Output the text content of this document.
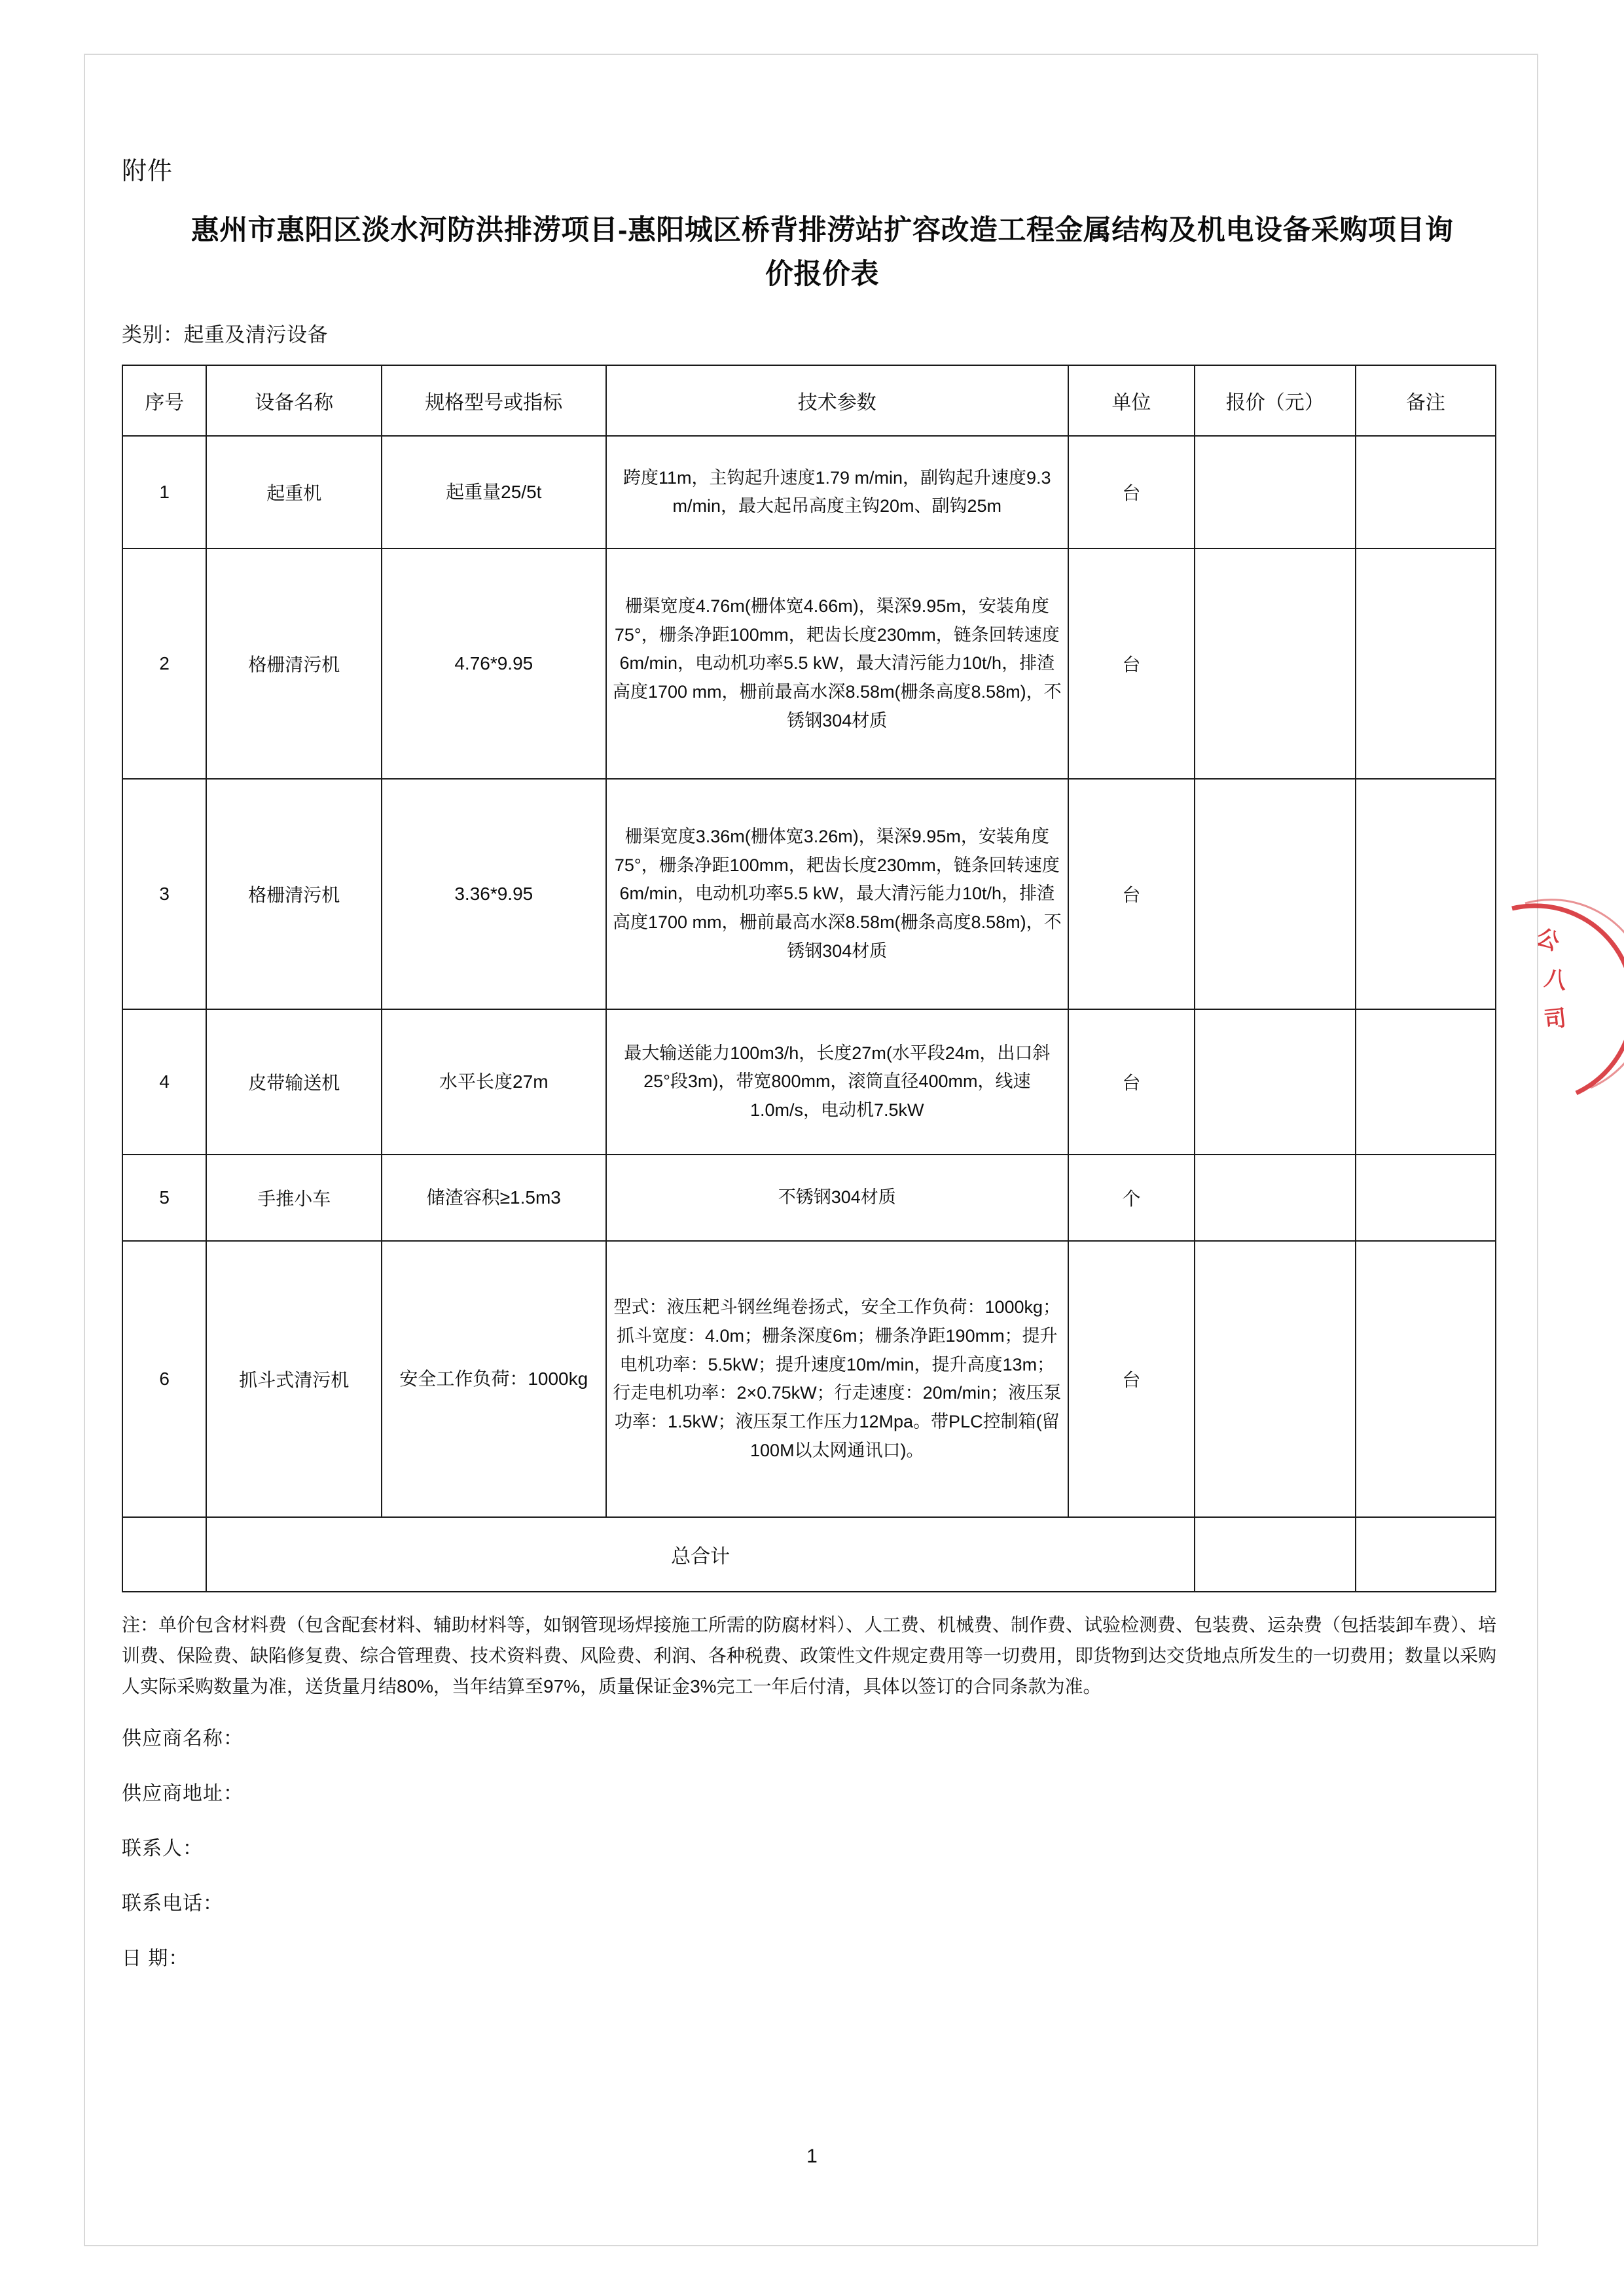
附件
惠州市惠阳区淡水河防洪排涝项目-惠阳城区桥背排涝站扩容改造工程金属结构及机电设备采购项目询价报价表
类别：起重及清污设备
序号	设备名称	规格型号或指标	技术参数	单位	报价（元）	备注
1	起重机	起重量25/5t	跨度11m，主钩起升速度1.79 m/min，副钩起升速度9.3 m/min，最大起吊高度主钩20m、副钩25m	台		
2	格栅清污机	4.76*9.95	栅渠宽度4.76m(栅体宽4.66m)，渠深9.95m，安装角度75°，栅条净距100mm，耙齿长度230mm，链条回转速度6m/min，电动机功率5.5 kW，最大清污能力10t/h，排渣高度1700 mm，栅前最高水深8.58m(栅条高度8.58m)，不锈钢304材质	台		
3	格栅清污机	3.36*9.95	栅渠宽度3.36m(栅体宽3.26m)，渠深9.95m，安装角度75°，栅条净距100mm，耙齿长度230mm，链条回转速度6m/min，电动机功率5.5 kW，最大清污能力10t/h，排渣高度1700 mm，栅前最高水深8.58m(栅条高度8.58m)，不锈钢304材质	台		
4	皮带输送机	水平长度27m	最大输送能力100m3/h，长度27m(水平段24m，出口斜25°段3m)，带宽800mm，滚筒直径400mm，线速1.0m/s，电动机7.5kW	台		
5	手推小车	储渣容积≥1.5m3	不锈钢304材质	个		
6	抓斗式清污机	安全工作负荷：1000kg	型式：液压耙斗钢丝绳卷扬式，安全工作负荷：1000kg；抓斗宽度：4.0m；栅条深度6m；栅条净距190mm；提升电机功率：5.5kW；提升速度10m/min，提升高度13m；行走电机功率：2×0.75kW；行走速度：20m/min；液压泵功率：1.5kW；液压泵工作压力12Mpa。带PLC控制箱(留100M以太网通讯口)。	台		
	总合计					
注：单价包含材料费（包含配套材料、辅助材料等，如钢管现场焊接施工所需的防腐材料）、人工费、机械费、制作费、试验检测费、包装费、运杂费（包括装卸车费）、培训费、保险费、缺陷修复费、综合管理费、技术资料费、风险费、利润、各种税费、政策性文件规定费用等一切费用，即货物到达交货地点所发生的一切费用；数量以采购人实际采购数量为准，送货量月结80%，当年结算至97%，质量保证金3%完工一年后付清，具体以签订的合同条款为准。
供应商名称：
供应商地址：
联系人：
联系电话：
日 期：
公
八
司
1
